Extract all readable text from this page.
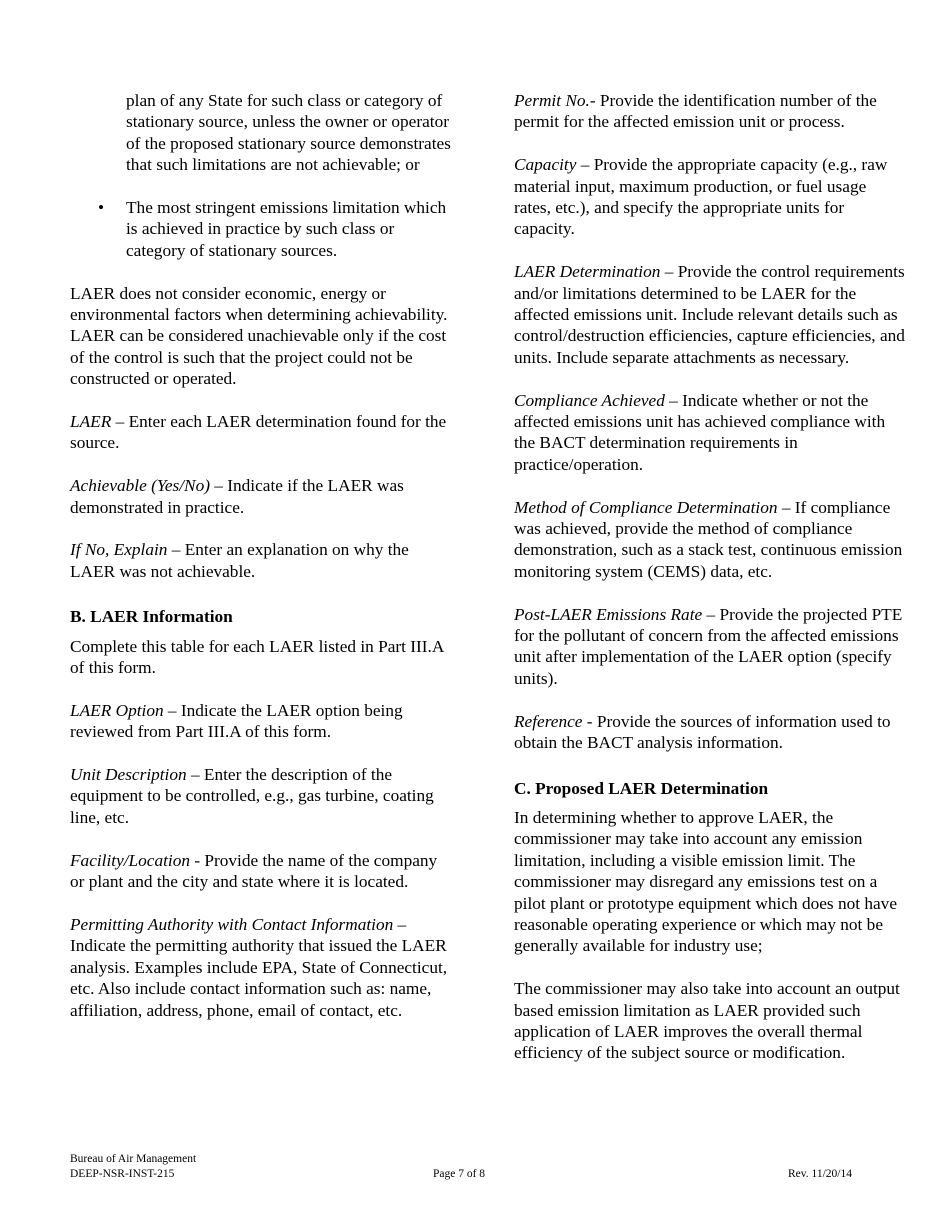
plan of any State for such class or category of stationary source, unless the owner or operator of the proposed stationary source demonstrates that such limitations are not achievable; or

• The most stringent emissions limitation which is achieved in practice by such class or category of stationary sources.

LAER does not consider economic, energy or environmental factors when determining achievability. LAER can be considered unachievable only if the cost of the control is such that the project could not be constructed or operated.

LAER – Enter each LAER determination found for the source.

Achievable (Yes/No) – Indicate if the LAER was demonstrated in practice.

If No, Explain – Enter an explanation on why the LAER was not achievable.

B. LAER Information

Complete this table for each LAER listed in Part III.A of this form.

LAER Option – Indicate the LAER option being reviewed from Part III.A of this form.

Unit Description – Enter the description of the equipment to be controlled, e.g., gas turbine, coating line, etc.

Facility/Location - Provide the name of the company or plant and the city and state where it is located.

Permitting Authority with Contact Information – Indicate the permitting authority that issued the LAER analysis. Examples include EPA, State of Connecticut, etc. Also include contact information such as: name, affiliation, address, phone, email of contact, etc.

Permit No.- Provide the identification number of the permit for the affected emission unit or process.

Capacity – Provide the appropriate capacity (e.g., raw material input, maximum production, or fuel usage rates, etc.), and specify the appropriate units for capacity.

LAER Determination – Provide the control requirements and/or limitations determined to be LAER for the affected emissions unit. Include relevant details such as control/destruction efficiencies, capture efficiencies, and units. Include separate attachments as necessary.

Compliance Achieved – Indicate whether or not the affected emissions unit has achieved compliance with the BACT determination requirements in practice/operation.

Method of Compliance Determination – If compliance was achieved, provide the method of compliance demonstration, such as a stack test, continuous emission monitoring system (CEMS) data, etc.

Post-LAER Emissions Rate – Provide the projected PTE for the pollutant of concern from the affected emissions unit after implementation of the LAER option (specify units).

Reference - Provide the sources of information used to obtain the BACT analysis information.

C. Proposed LAER Determination

In determining whether to approve LAER, the commissioner may take into account any emission limitation, including a visible emission limit. The commissioner may disregard any emissions test on a pilot plant or prototype equipment which does not have reasonable operating experience or which may not be generally available for industry use;

The commissioner may also take into account an output based emission limitation as LAER provided such application of LAER improves the overall thermal efficiency of the subject source or modification.

Bureau of Air Management
DEEP-NSR-INST-215	Page 7 of 8	Rev. 11/20/14
